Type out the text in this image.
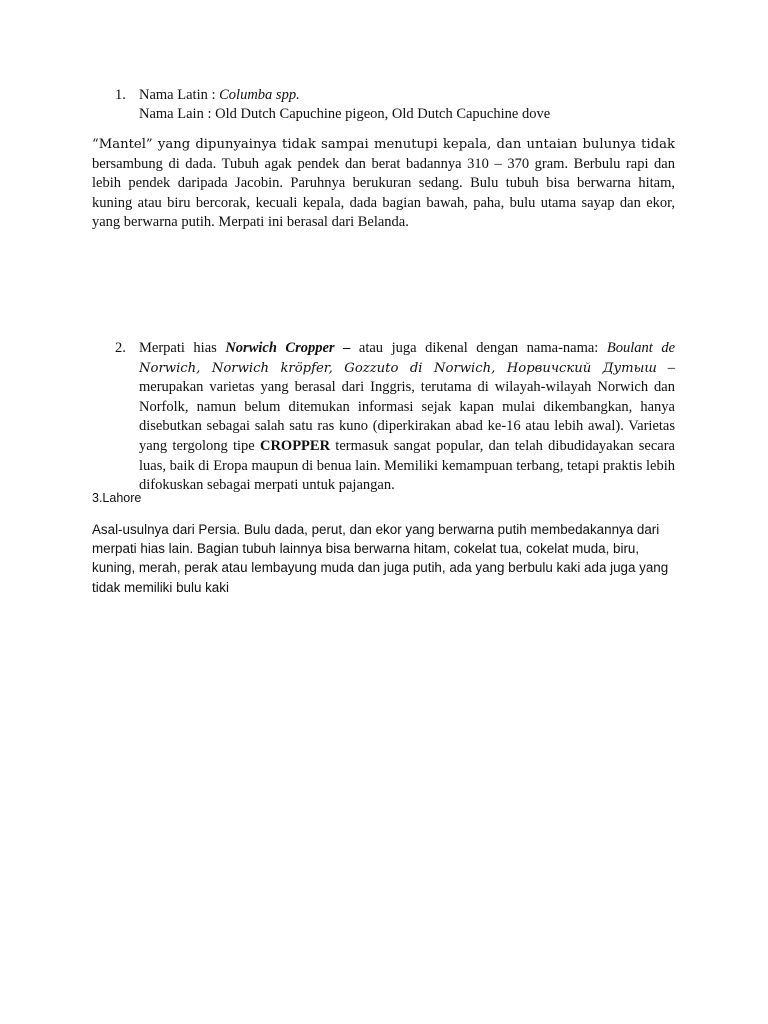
1. Nama Latin : Columba spp.
Nama Lain : Old Dutch Capuchine pigeon, Old Dutch Capuchine dove

“Mantel” yang dipunyainya tidak sampai menutupi kepala, dan untaian bulunya tidak bersambung di dada. Tubuh agak pendek dan berat badannya 310 – 370 gram. Berbulu rapi dan lebih pendek daripada Jacobin. Paruhnya berukuran sedang. Bulu tubuh bisa berwarna hitam, kuning atau biru bercorak, kecuali kepala, dada bagian bawah, paha, bulu utama sayap dan ekor, yang berwarna putih. Merpati ini berasal dari Belanda.

2. Merpati hias Norwich Cropper – atau juga dikenal dengan nama-nama: Boulant de Norwich, Norwich kröpfer, Gozzuto di Norwich, Норвичский Дутыш – merupakan varietas yang berasal dari Inggris, terutama di wilayah-wilayah Norwich dan Norfolk, namun belum ditemukan informasi sejak kapan mulai dikembangkan, hanya disebutkan sebagai salah satu ras kuno (diperkirakan abad ke-16 atau lebih awal). Varietas yang tergolong tipe CROPPER termasuk sangat popular, dan telah dibudidayakan secara luas, baik di Eropa maupun di benua lain. Memiliki kemampuan terbang, tetapi praktis lebih difokuskan sebagai merpati untuk pajangan.

3.Lahore

Asal-usulnya dari Persia. Bulu dada, perut, dan ekor yang berwarna putih membedakannya dari merpati hias lain. Bagian tubuh lainnya bisa berwarna hitam, cokelat tua, cokelat muda, biru, kuning, merah, perak atau lembayung muda dan juga putih, ada yang berbulu kaki ada juga yang tidak memiliki bulu kaki
